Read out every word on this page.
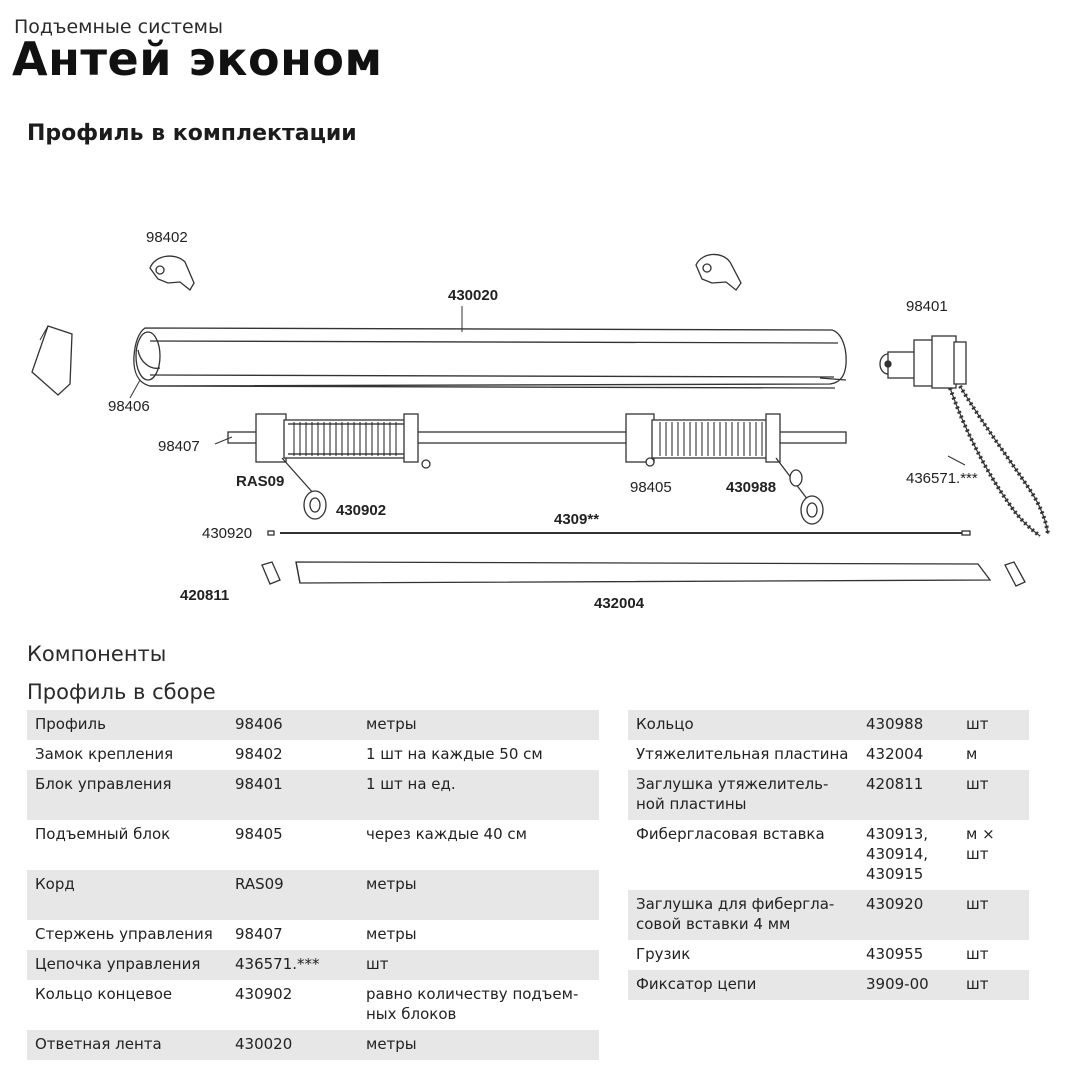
Подъемные системы
Антей эконом
Профиль в комплектации
98402
430020
98401
98406
98407
RAS09
430902
98405	430988
436571.***
430920
4309**
420811	432004
Компоненты
Профиль в сборе
Профиль	98406	метры
Замок крепления	98402	1 шт на каждые 50 см
Блок управления	98401	1 шт на ед.
Подъемный блок	98405	через каждые 40 см
Корд	RAS09	метры
Стержень управления	98407	метры
Цепочка управления	436571.***	шт
Кольцо концевое	430902	равно количеству подъем-
ных блоков
Ответная лента	430020	метры
Кольцо	430988	шт
Утяжелительная пластина	432004	м
Заглушка утяжелитель-
ной пластины	420811	шт
Фибергласовая вставка	430913,
430914,
430915	м × шт
Заглушка для фибергла-
совой вставки 4 мм	430920	шт
Грузик	430955	шт
Фиксатор цепи	3909-00	шт
